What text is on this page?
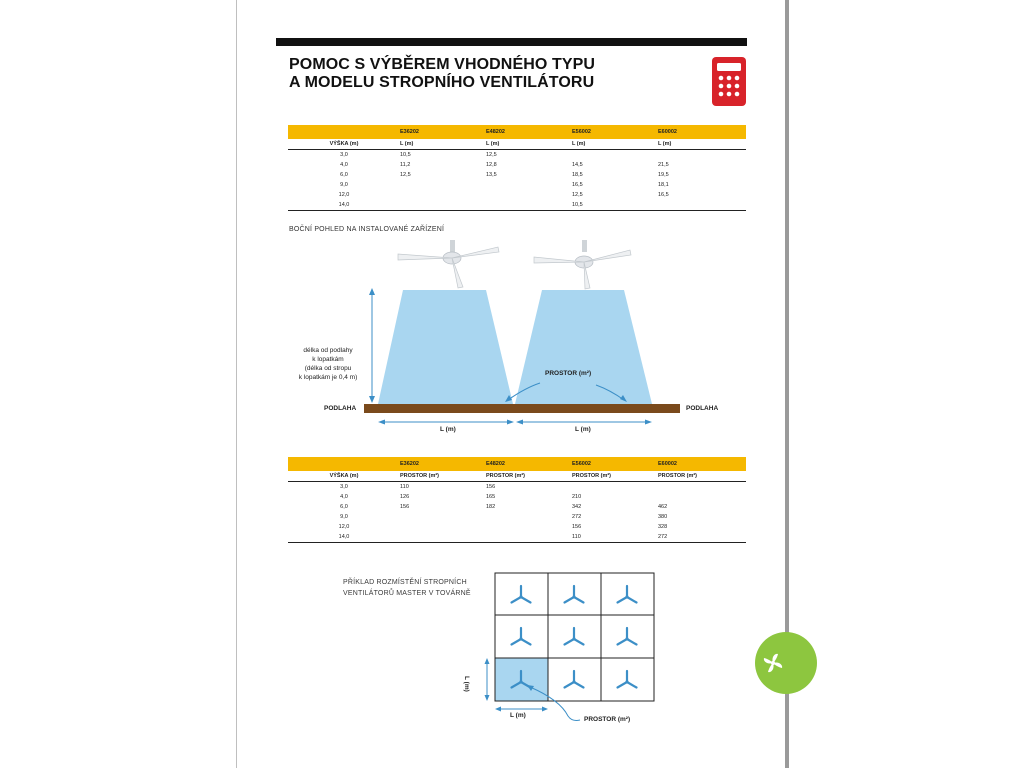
POMOC S VÝBĚREM VHODNÉHO TYPU
A MODELU STROPNÍHO VENTILÁTORU
	E36202	E48202	E56002	E60002
VÝŠKA (m)	L (m)	L (m)	L (m)	L (m)
3,0	10,5	12,5		
4,0	11,2	12,8	14,5	21,5
6,0	12,5	13,5	18,5	19,5
9,0			16,5	18,1
12,0			12,5	16,5
14,0			10,5	
BOČNÍ POHLED NA INSTALOVANÉ ZAŘÍZENÍ
délka od podlahy
k lopatkám
(délka od stropu
k lopatkám je 0,4 m)
PODLAHA	PODLAHA
PROSTOR (m²)
L (m)	L (m)
	E36202	E48202	E56002	E60002
VÝŠKA (m)	PROSTOR (m²)	PROSTOR (m²)	PROSTOR (m²)	PROSTOR (m²)
3,0	110	156		
4,0	126	165	210	
6,0	156	182	342	462
9,0			272	380
12,0			156	328
14,0			110	272
PŘÍKLAD ROZMÍSTĚNÍ STROPNÍCH
VENTILÁTORŮ MASTER V TOVÁRNĚ
L (m)
L (m)
PROSTOR (m²)
